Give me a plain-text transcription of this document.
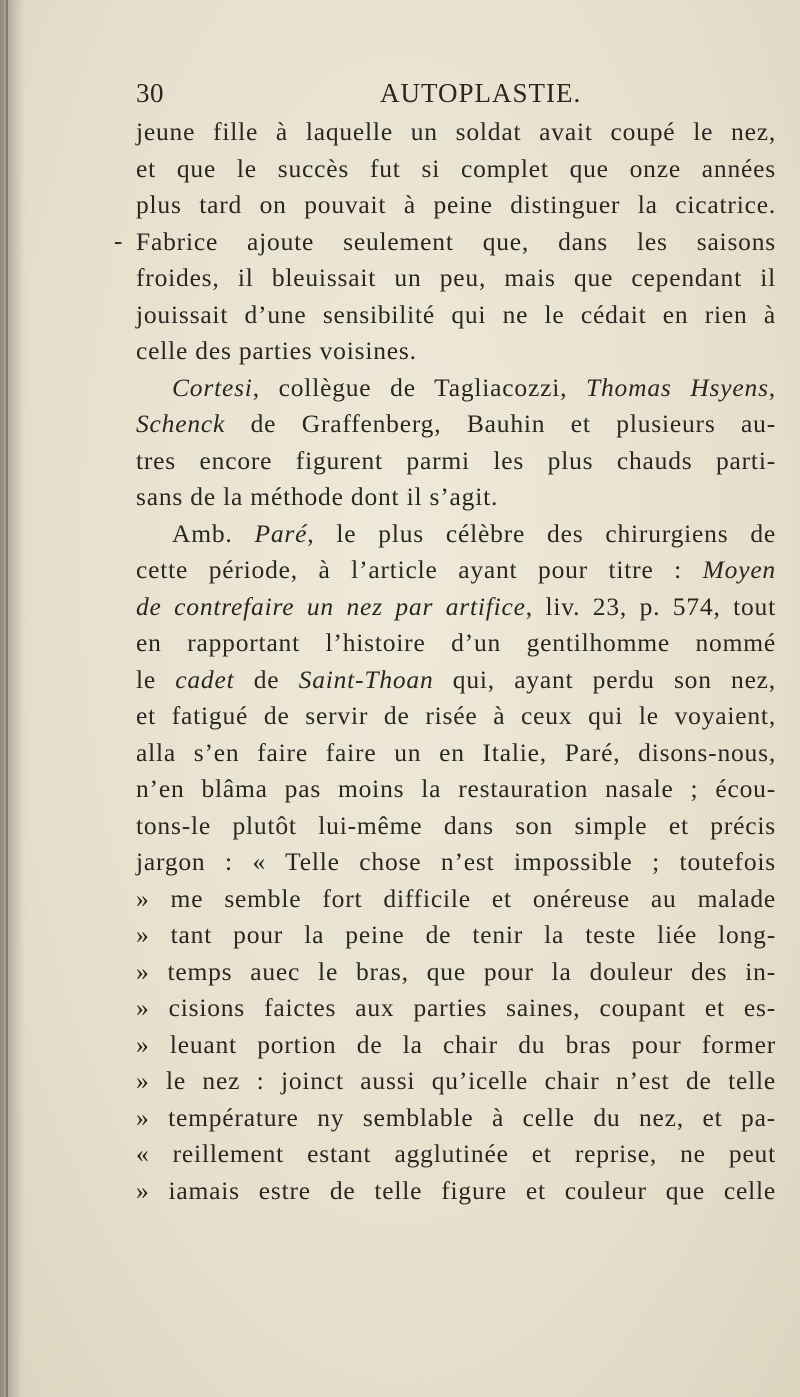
30	AUTOPLASTIE.
jeune fille à laquelle un soldat avait coupé le nez,
et que le succès fut si complet que onze années
plus tard on pouvait à peine distinguer la cicatrice.
- Fabrice ajoute seulement que, dans les saisons
froides, il bleuissait un peu, mais que cependant il
jouissait d’une sensibilité qui ne le cédait en rien à
celle des parties voisines.
Cortesi, collègue de Tagliacozzi, Thomas Hsyens,
Schenck de Graffenberg, Bauhin et plusieurs au-
tres encore figurent parmi les plus chauds parti-
sans de la méthode dont il s’agit.
Amb. Paré, le plus célèbre des chirurgiens de
cette période, à l’article ayant pour titre : Moyen
de contrefaire un nez par artifice, liv. 23, p. 574, tout
en rapportant l’histoire d’un gentilhomme nommé
le cadet de Saint-Thoan qui, ayant perdu son nez,
et fatigué de servir de risée à ceux qui le voyaient,
alla s’en faire faire un en Italie, Paré, disons-nous,
n’en blâma pas moins la restauration nasale ; écou-
tons-le plutôt lui-même dans son simple et précis
jargon : « Telle chose n’est impossible ; toutefois
» me semble fort difficile et onéreuse au malade
» tant pour la peine de tenir la teste liée long-
» temps auec le bras, que pour la douleur des in-
» cisions faictes aux parties saines, coupant et es-
» leuant portion de la chair du bras pour former
» le nez : joinct aussi qu’icelle chair n’est de telle
» température ny semblable à celle du nez, et pa-
« reillement estant agglutinée et reprise, ne peut
» iamais estre de telle figure et couleur que celle
